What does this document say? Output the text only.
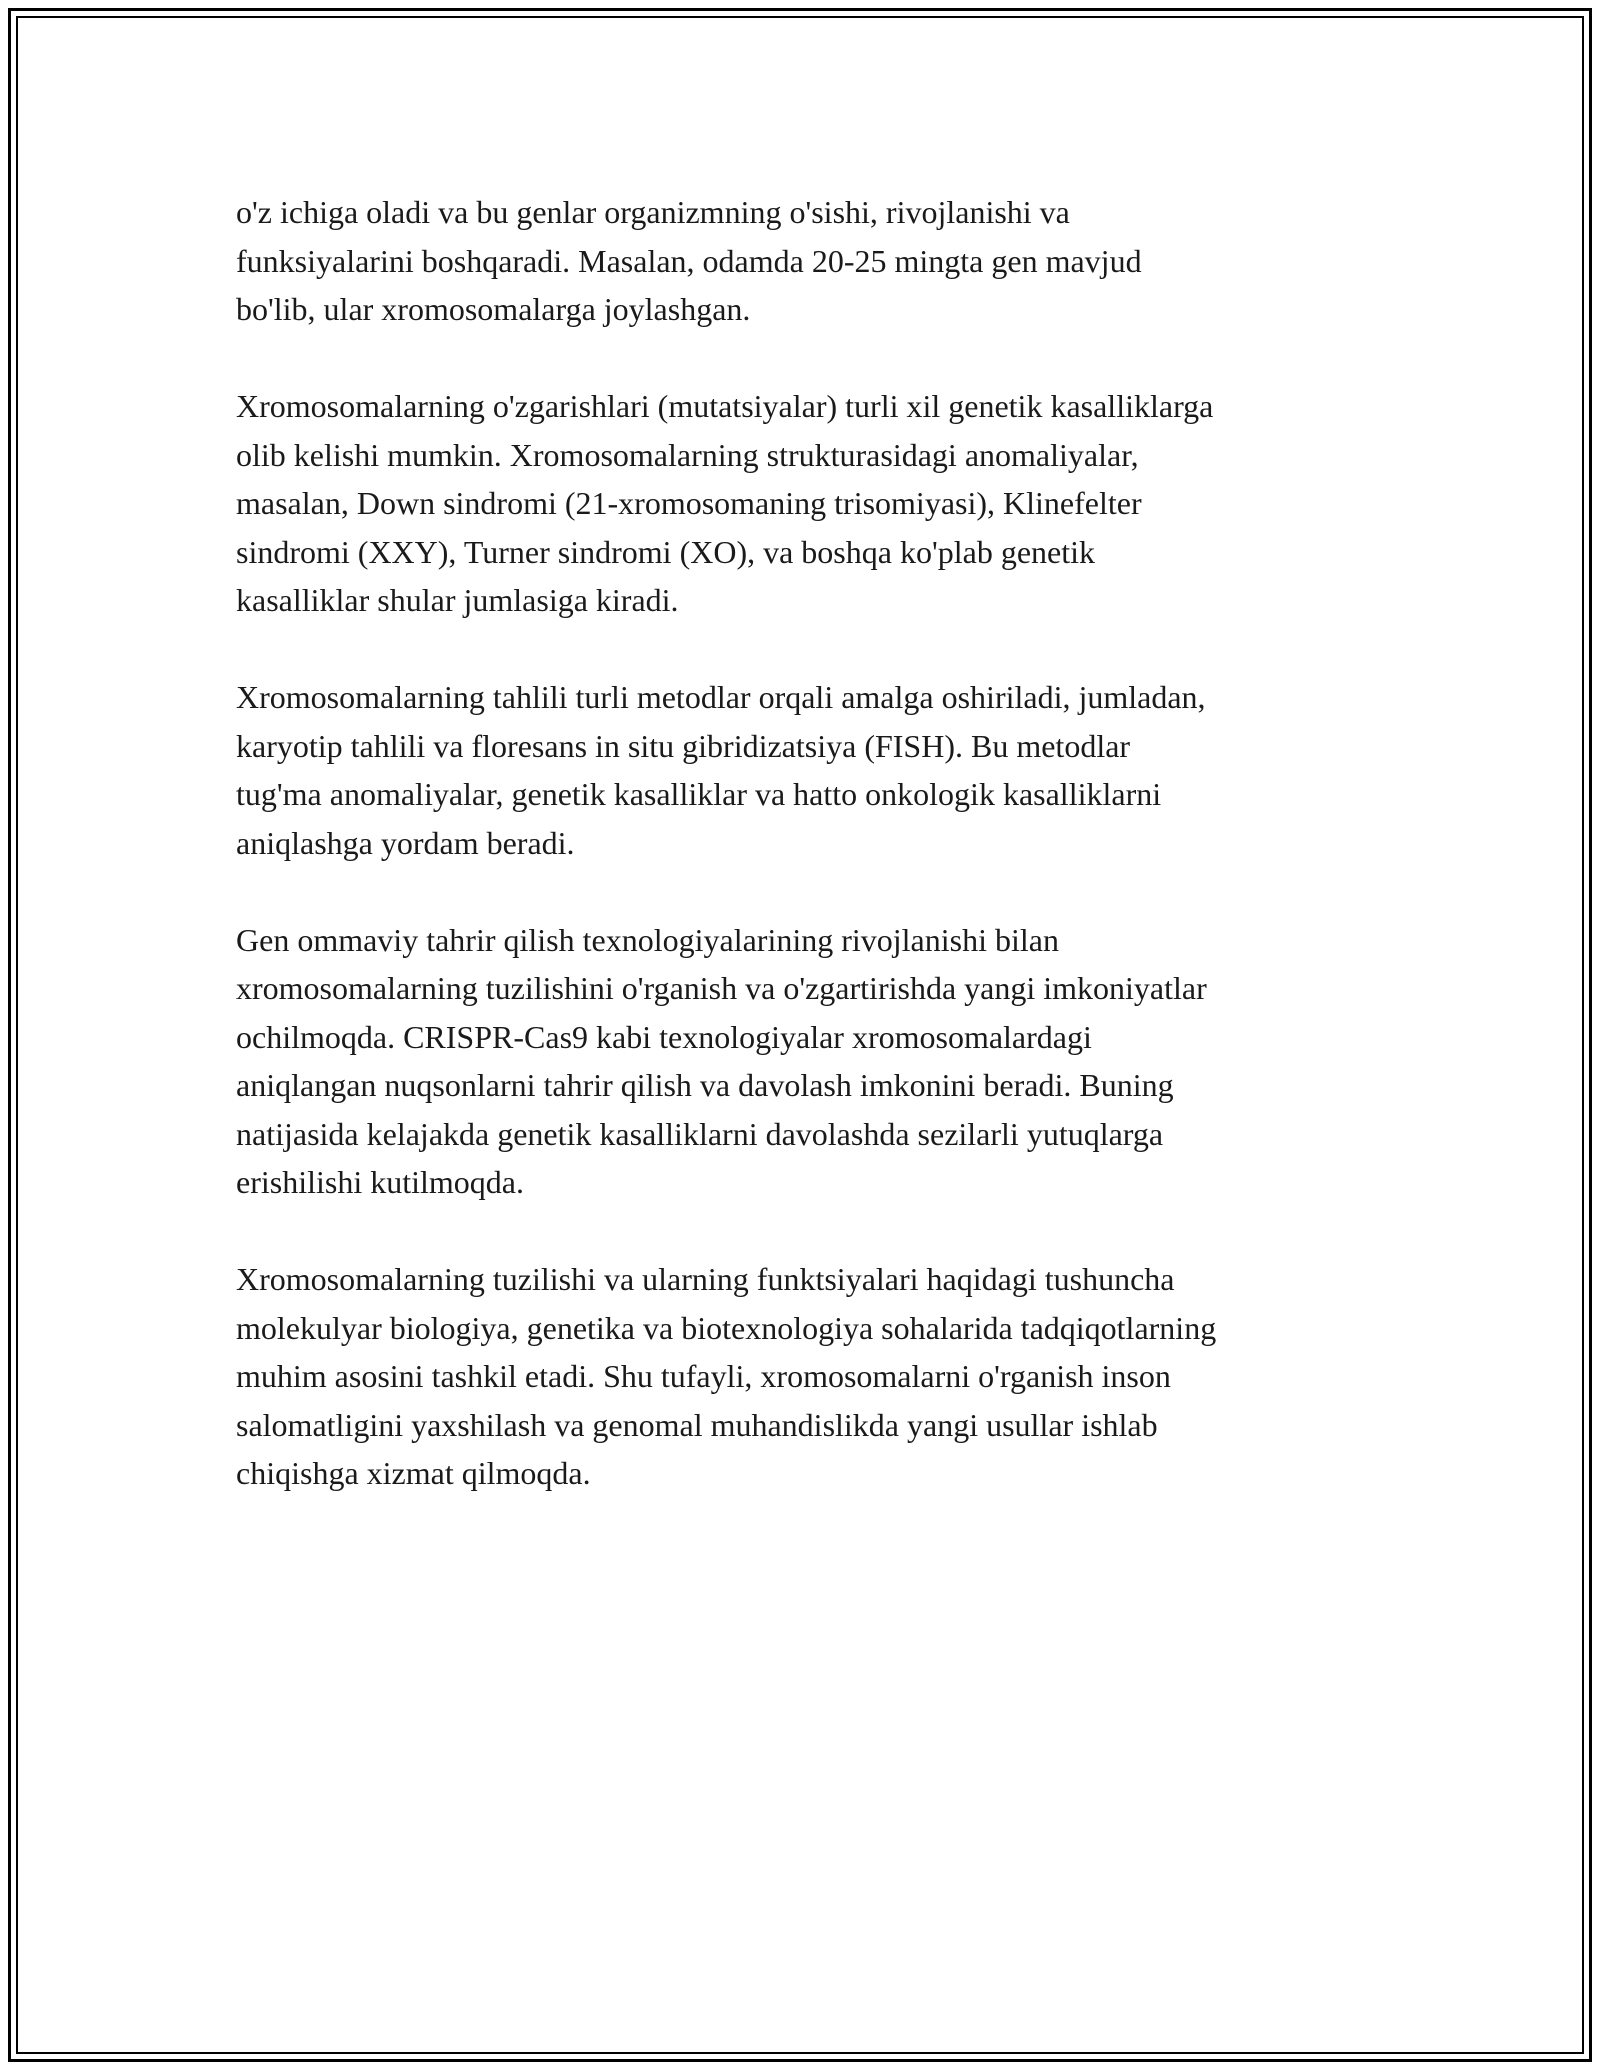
o'z ichiga oladi va bu genlar organizmning o'sishi, rivojlanishi va
funksiyalarini boshqaradi. Masalan, odamda 20-25 mingta gen mavjud
bo'lib, ular xromosomalarga joylashgan.

Xromosomalarning o'zgarishlari (mutatsiyalar) turli xil genetik kasalliklarga
olib kelishi mumkin. Xromosomalarning strukturasidagi anomaliyalar,
masalan, Down sindromi (21-xromosomaning trisomiyasi), Klinefelter
sindromi (XXY), Turner sindromi (XO), va boshqa ko'plab genetik
kasalliklar shular jumlasiga kiradi.

Xromosomalarning tahlili turli metodlar orqali amalga oshiriladi, jumladan,
karyotip tahlili va floresans in situ gibridizatsiya (FISH). Bu metodlar
tug'ma anomaliyalar, genetik kasalliklar va hatto onkologik kasalliklarni
aniqlashga yordam beradi.

Gen ommaviy tahrir qilish texnologiyalarining rivojlanishi bilan
xromosomalarning tuzilishini o'rganish va o'zgartirishda yangi imkoniyatlar
ochilmoqda. CRISPR-Cas9 kabi texnologiyalar xromosomalardagi
aniqlangan nuqsonlarni tahrir qilish va davolash imkonini beradi. Buning
natijasida kelajakda genetik kasalliklarni davolashda sezilarli yutuqlarga
erishilishi kutilmoqda.

Xromosomalarning tuzilishi va ularning funktsiyalari haqidagi tushuncha
molekulyar biologiya, genetika va biotexnologiya sohalarida tadqiqotlarning
muhim asosini tashkil etadi. Shu tufayli, xromosomalarni o'rganish inson
salomatligini yaxshilash va genomal muhandislikda yangi usullar ishlab
chiqishga xizmat qilmoqda.
